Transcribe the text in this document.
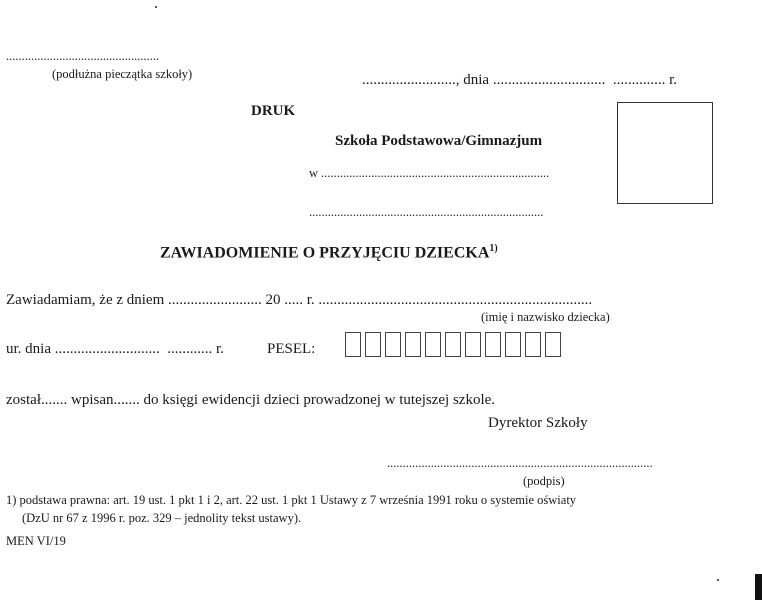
.................................................
(podłużna pieczątka szkoły)	........................., dnia ..............................  .............. r.
DRUK
Szkoła Podstawowa/Gimnazjum
w .........................................................................
...........................................................................
ZAWIADOMIENIE O PRZYJĘCIU DZIECKA$^{1)}$
Zawiadamiam, że z dniem ......................... 20 ..... r. .........................................................................
(imię i nazwisko dziecka)
ur. dnia ............................  ............ r.	PESEL:
został....... wpisan....... do księgi ewidencji dzieci prowadzonej w tutejszej szkole.
Dyrektor Szkoły
.....................................................................................
(podpis)
1) podstawa prawna: art. 19 ust. 1 pkt 1 i 2, art. 22 ust. 1 pkt 1 Ustawy z 7 września 1991 roku o systemie oświaty
(DzU nr 67 z 1996 r. poz. 329 – jednolity tekst ustawy).
MEN VI/19
